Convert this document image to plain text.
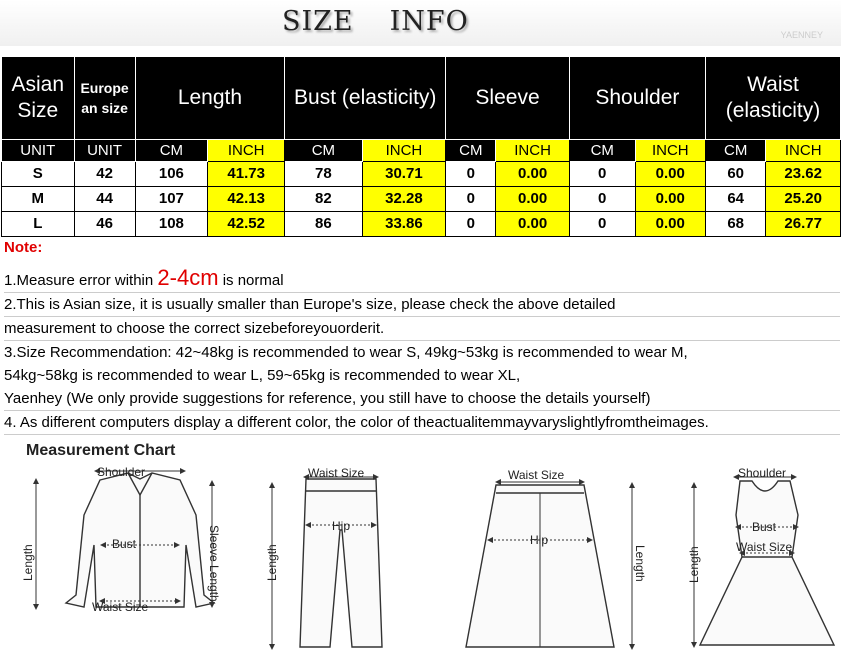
SIZE INFO	YAENNEY
Asian Size	Europe an size	Length		Bust (elasticity)		Sleeve		Shoulder		Waist (elasticity)	
UNIT	UNIT	CM	INCH	CM	INCH	CM	INCH	CM	INCH	CM	INCH
S	42	106	41.73	78	30.71	0	0.00	0	0.00	60	23.62
M	44	107	42.13	82	32.28	0	0.00	0	0.00	64	25.20
L	46	108	42.52	86	33.86	0	0.00	0	0.00	68	26.77
Note:
1.Measure error within 2-4cm is normal
2.This is Asian size, it is usually smaller than Europe's size, please check the above detailed
measurement to choose the correct sizebeforeyouorderit.
3.Size Recommendation: 42~48kg is recommended to wear S, 49kg~53kg is recommended to wear M,
54kg~58kg is recommended to wear L, 59~65kg is recommended to wear XL,
Yaenhey (We only provide suggestions for reference, you still have to choose the details yourself)
4. As different computers display a different color, the color of theactualitemmayvaryslightlyfromtheimages.
Shoulder
Bust
Waist Size
Length	Sleeve Length
Waist Size
Hip
Length
Waist Size
Hip
Length
Shoulder
Bust
Waist Size
Length
Measurement Chart
